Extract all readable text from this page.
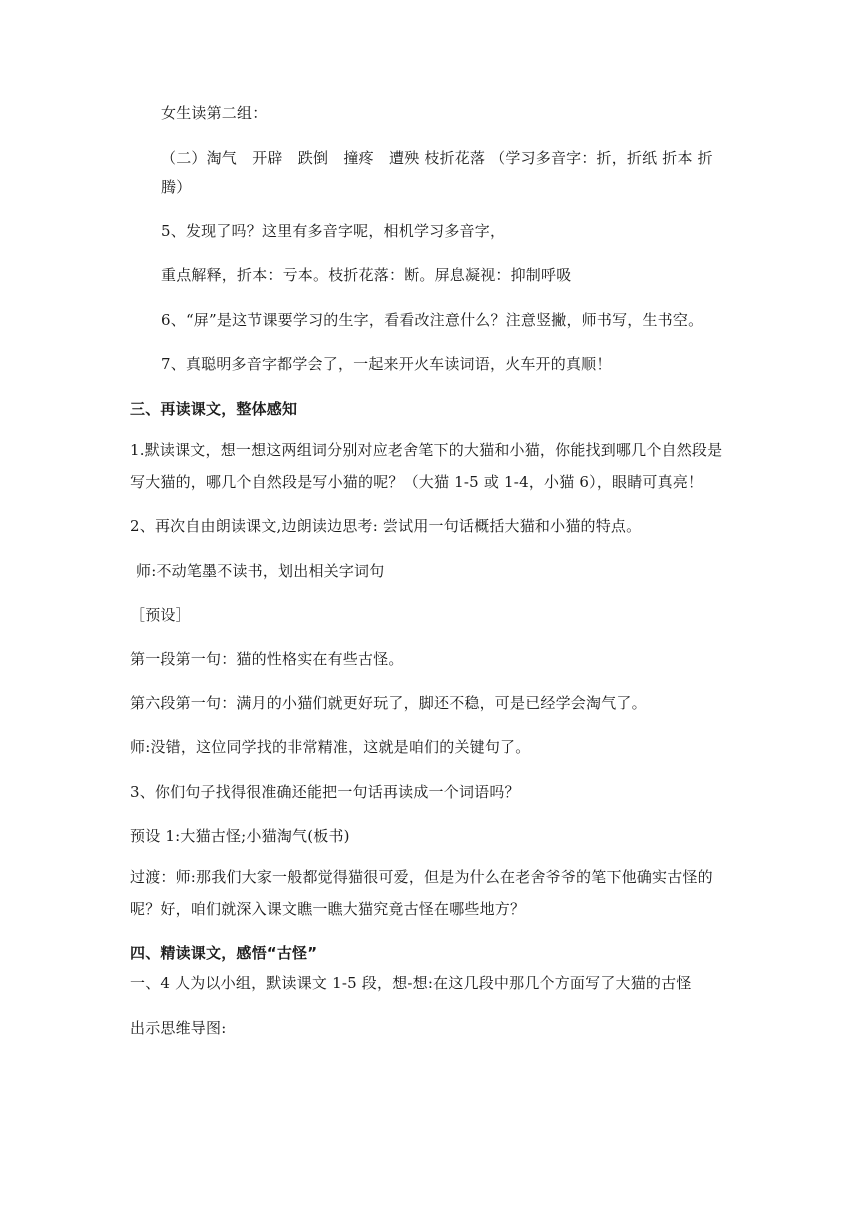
女生读第二组：
（二）淘气　开辟　跌倒　撞疼　遭殃 枝折花落 （学习多音字：折，折纸 折本 折
腾）
5、发现了吗？这里有多音字呢，相机学习多音字，
重点解释，折本：亏本。枝折花落：断。屏息凝视：抑制呼吸
6、“屏”是这节课要学习的生字，看看改注意什么？注意竖撇，师书写，生书空。
7、真聪明多音字都学会了，一起来开火车读词语，火车开的真顺！
三、再读课文，整体感知
1.默读课文，想一想这两组词分别对应老舍笔下的大猫和小猫，你能找到哪几个自然段是
写大猫的，哪几个自然段是写小猫的呢？（大猫 1-5 或 1-4，小猫 6），眼睛可真亮！
2、再次自由朗读课文,边朗读边思考: 尝试用一句话概括大猫和小猫的特点。
师:不动笔墨不读书，划出相关字词句
［预设］
第一段第一句：猫的性格实在有些古怪。
第六段第一句：满月的小猫们就更好玩了，脚还不稳，可是已经学会淘气了。
师:没错，这位同学找的非常精准，这就是咱们的关键句了。
3、你们句子找得很准确还能把一句话再读成一个词语吗？
预设 1:大猫古怪;小猫淘气(板书)
过渡：师:那我们大家一般都觉得猫很可爱，但是为什么在老舍爷爷的笔下他确实古怪的
呢？好，咱们就深入课文瞧一瞧大猫究竟古怪在哪些地方？
四、精读课文，感悟“古怪”
一、4 人为以小组，默读课文 1-5 段，想-想:在这几段中那几个方面写了大猫的古怪
出示思维导图:
